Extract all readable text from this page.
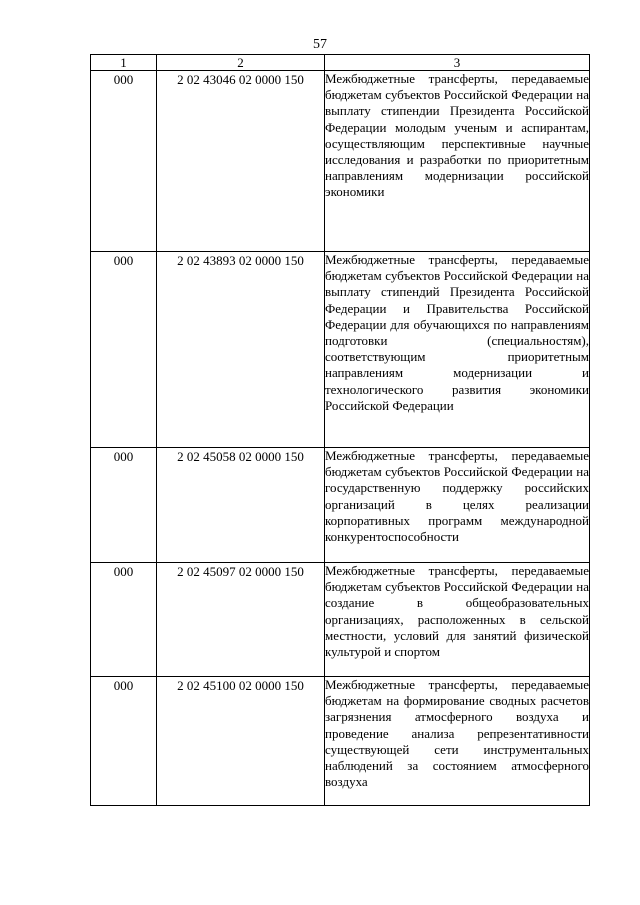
57
1	2	3
000	2 02 43046 02 0000 150	Межбюджетные трансферты, передаваемые бюджетам субъектов Российской Федерации на выплату стипендии Президента Российской Федерации молодым ученым и аспирантам, осуществляющим перспективные научные исследования и разработки по приоритетным направлениям модернизации российской экономики
000	2 02 43893 02 0000 150	Межбюджетные трансферты, передаваемые бюджетам субъектов Российской Федерации на выплату стипендий Президента Российской Федерации и Правительства Российской Федерации для обучающихся по направлениям подготовки (специальностям), соответствующим приоритетным направлениям модернизации и технологического развития экономики Российской Федерации
000	2 02 45058 02 0000 150	Межбюджетные трансферты, передаваемые бюджетам субъектов Российской Федерации на государственную поддержку российских организаций в целях реализации корпоративных программ международной конкурентоспособности
000	2 02 45097 02 0000 150	Межбюджетные трансферты, передаваемые бюджетам субъектов Российской Федерации на создание в общеобразовательных организациях, расположенных в сельской местности, условий для занятий физической культурой и спортом
000	2 02 45100 02 0000 150	Межбюджетные трансферты, передаваемые бюджетам на формирование сводных расчетов загрязнения атмосферного воздуха и проведение анализа репрезентативности существующей сети инструментальных наблюдений за состоянием атмосферного воздуха
